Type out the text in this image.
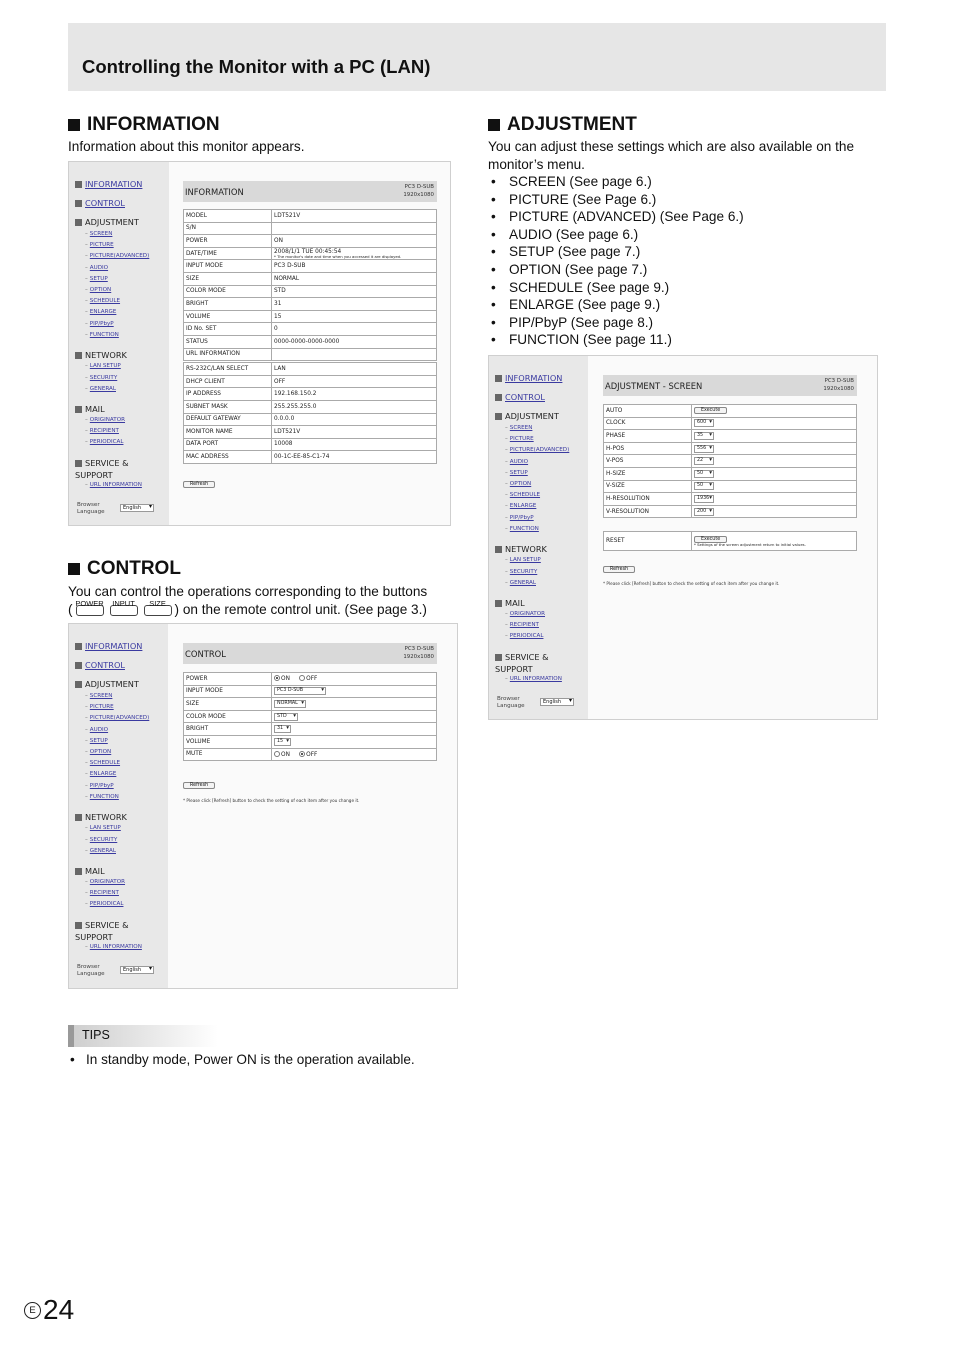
Controlling the Monitor with a PC (LAN)
INFORMATION
Information about this monitor appears.
INFORMATION
CONTROL
ADJUSTMENT
– SCREEN
– PICTURE
– PICTURE(ADVANCED)
– AUDIO
– SETUP
– OPTION
– SCHEDULE
– ENLARGE
– PIP/PbyP
– FUNCTION
NETWORK
– LAN SETUP
– SECURITY
– GENERAL
MAIL
– ORIGINATOR
– RECIPIENT
– PERIODICAL
SERVICE &
SUPPORT
– URL INFORMATION
Browser
Language
English ▾
INFORMATION	PC3 D-SUB
1920x1080
MODEL	LDT521V
S/N	
POWER	ON
DATE/TIME	2008/1/1 TUE 00:45:54
* The monitor's date and time when you accessed it are displayed.

INPUT MODE	PC3 D-SUB
SIZE	NORMAL
COLOR MODE	STD
BRIGHT	31
VOLUME	15
ID No. SET	0
STATUS	0000-0000-0000-0000
URL INFORMATION	

RS-232C/LAN SELECT	LAN
DHCP CLIENT	OFF
IP ADDRESS	192.168.150.2
SUBNET MASK	255.255.255.0
DEFAULT GATEWAY	0.0.0.0
MONITOR NAME	LDT521V
DATA PORT	10008
MAC ADDRESS	00-1C-EE-85-C1-74
Refresh
CONTROL
You can control the operations corresponding to the buttons
( POWER INPUT SIZE ) on the remote control unit. (See page 3.)
INFORMATION
CONTROL
ADJUSTMENT
– SCREEN
– PICTURE
– PICTURE(ADVANCED)
– AUDIO
– SETUP
– OPTION
– SCHEDULE
– ENLARGE
– PIP/PbyP
– FUNCTION
NETWORK
– LAN SETUP
– SECURITY
– GENERAL
MAIL
– ORIGINATOR
– RECIPIENT
– PERIODICAL
SERVICE &
SUPPORT
– URL INFORMATION
Browser
Language
English ▾
CONTROL	PC3 D-SUB
1920x1080
POWER	ON OFF
INPUT MODE	PC3 D-SUB ▾
SIZE	NORMAL ▾
COLOR MODE	STD ▾
BRIGHT	31 ▾
VOLUME	15 ▾
MUTE	ON OFF
Refresh
* Please click [Refresh] button to check the setting of each item after you change it.
ADJUSTMENT
You can adjust these settings which are also available on the monitor’s menu.
• SCREEN (See page 6.)
• PICTURE (See Page 6.)
• PICTURE (ADVANCED) (See Page 6.)
• AUDIO (See page 6.)
• SETUP (See page 7.)
• OPTION (See page 7.)
• SCHEDULE (See page 9.)
• ENLARGE (See page 9.)
• PIP/PbyP (See page 8.)
• FUNCTION (See page 11.)
INFORMATION
CONTROL
ADJUSTMENT
– SCREEN
– PICTURE
– PICTURE(ADVANCED)
– AUDIO
– SETUP
– OPTION
– SCHEDULE
– ENLARGE
– PIP/PbyP
– FUNCTION
NETWORK
– LAN SETUP
– SECURITY
– GENERAL
MAIL
– ORIGINATOR
– RECIPIENT
– PERIODICAL
SERVICE &
SUPPORT
– URL INFORMATION
Browser
Language
English ▾
ADJUSTMENT - SCREEN	PC3 D-SUB
1920x1080
AUTO	Execute
CLOCK	600 ▾
PHASE	35 ▾
H-POS	556 ▾
V-POS	22 ▾
H-SIZE	50 ▾
V-SIZE	50 ▾
H-RESOLUTION	1936 ▾
V-RESOLUTION	200 ▾
RESET	Execute
* Settings of the screen adjustment return to initial values.
Refresh
* Please click [Refresh] button to check the setting of each item after you change it.
TIPS
• In standby mode, Power ON is the operation available.
E 24
